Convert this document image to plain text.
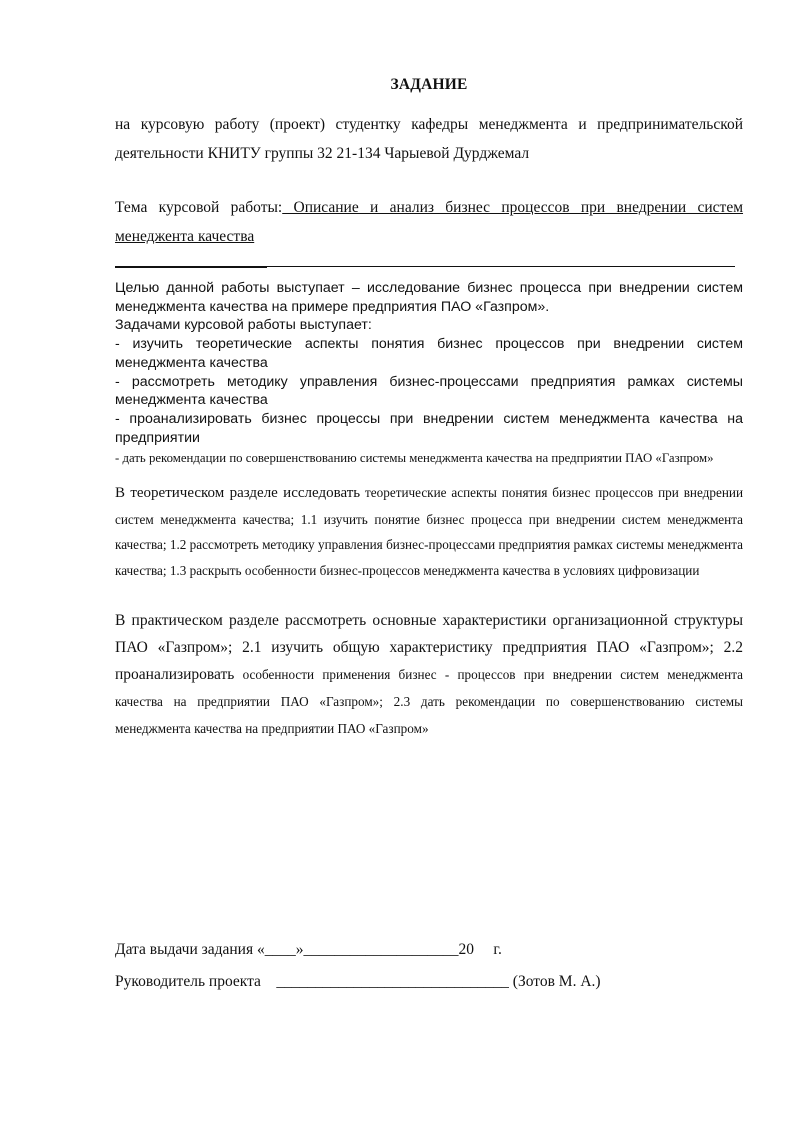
ЗАДАНИЕ
на курсовую работу (проект) студентку кафедры менеджмента и предпринимательской деятельности КНИТУ группы 32 21-134 Чарыевой Дурджемал
Тема курсовой работы: Описание и анализ бизнес процессов при внедрении систем менеджента качества

Целью данной работы выступает – исследование бизнес процесса при внедрении систем менеджмента качества на примере предприятия ПАО «Газпром».

Задачами курсовой работы выступает:

- изучить теоретические аспекты понятия бизнес процессов при внедрении систем менеджмента качества

- рассмотреть методику управления бизнес-процессами предприятия рамках системы менеджмента качества

- проанализировать бизнес процессы при внедрении систем менеджмента качества на предприятии

- дать рекомендации по совершенствованию системы менеджмента качества на предприятии ПАО «Газпром»

В теоретическом разделе исследовать теоретические аспекты понятия бизнес процессов при внедрении систем менеджмента качества; 1.1 изучить понятие бизнес процесса при внедрении систем менеджмента качества; 1.2 рассмотреть методику управления бизнес-процессами предприятия рамках системы менеджмента качества; 1.3 раскрыть особенности бизнес-процессов менеджмента качества в условиях цифровизации
В практическом разделе рассмотреть основные характеристики организационной структуры ПАО «Газпром»; 2.1 изучить общую характеристику предприятия ПАО «Газпром»; 2.2 проанализировать особенности применения бизнес - процессов при внедрении систем менеджмента качества на предприятии ПАО «Газпром»; 2.3 дать рекомендации по совершенствованию системы менеджмента качества на предприятии ПАО «Газпром»
Дата выдачи задания «____»____________________20     г.
Руководитель проекта    ______________________________ (Зотов М. А.)
